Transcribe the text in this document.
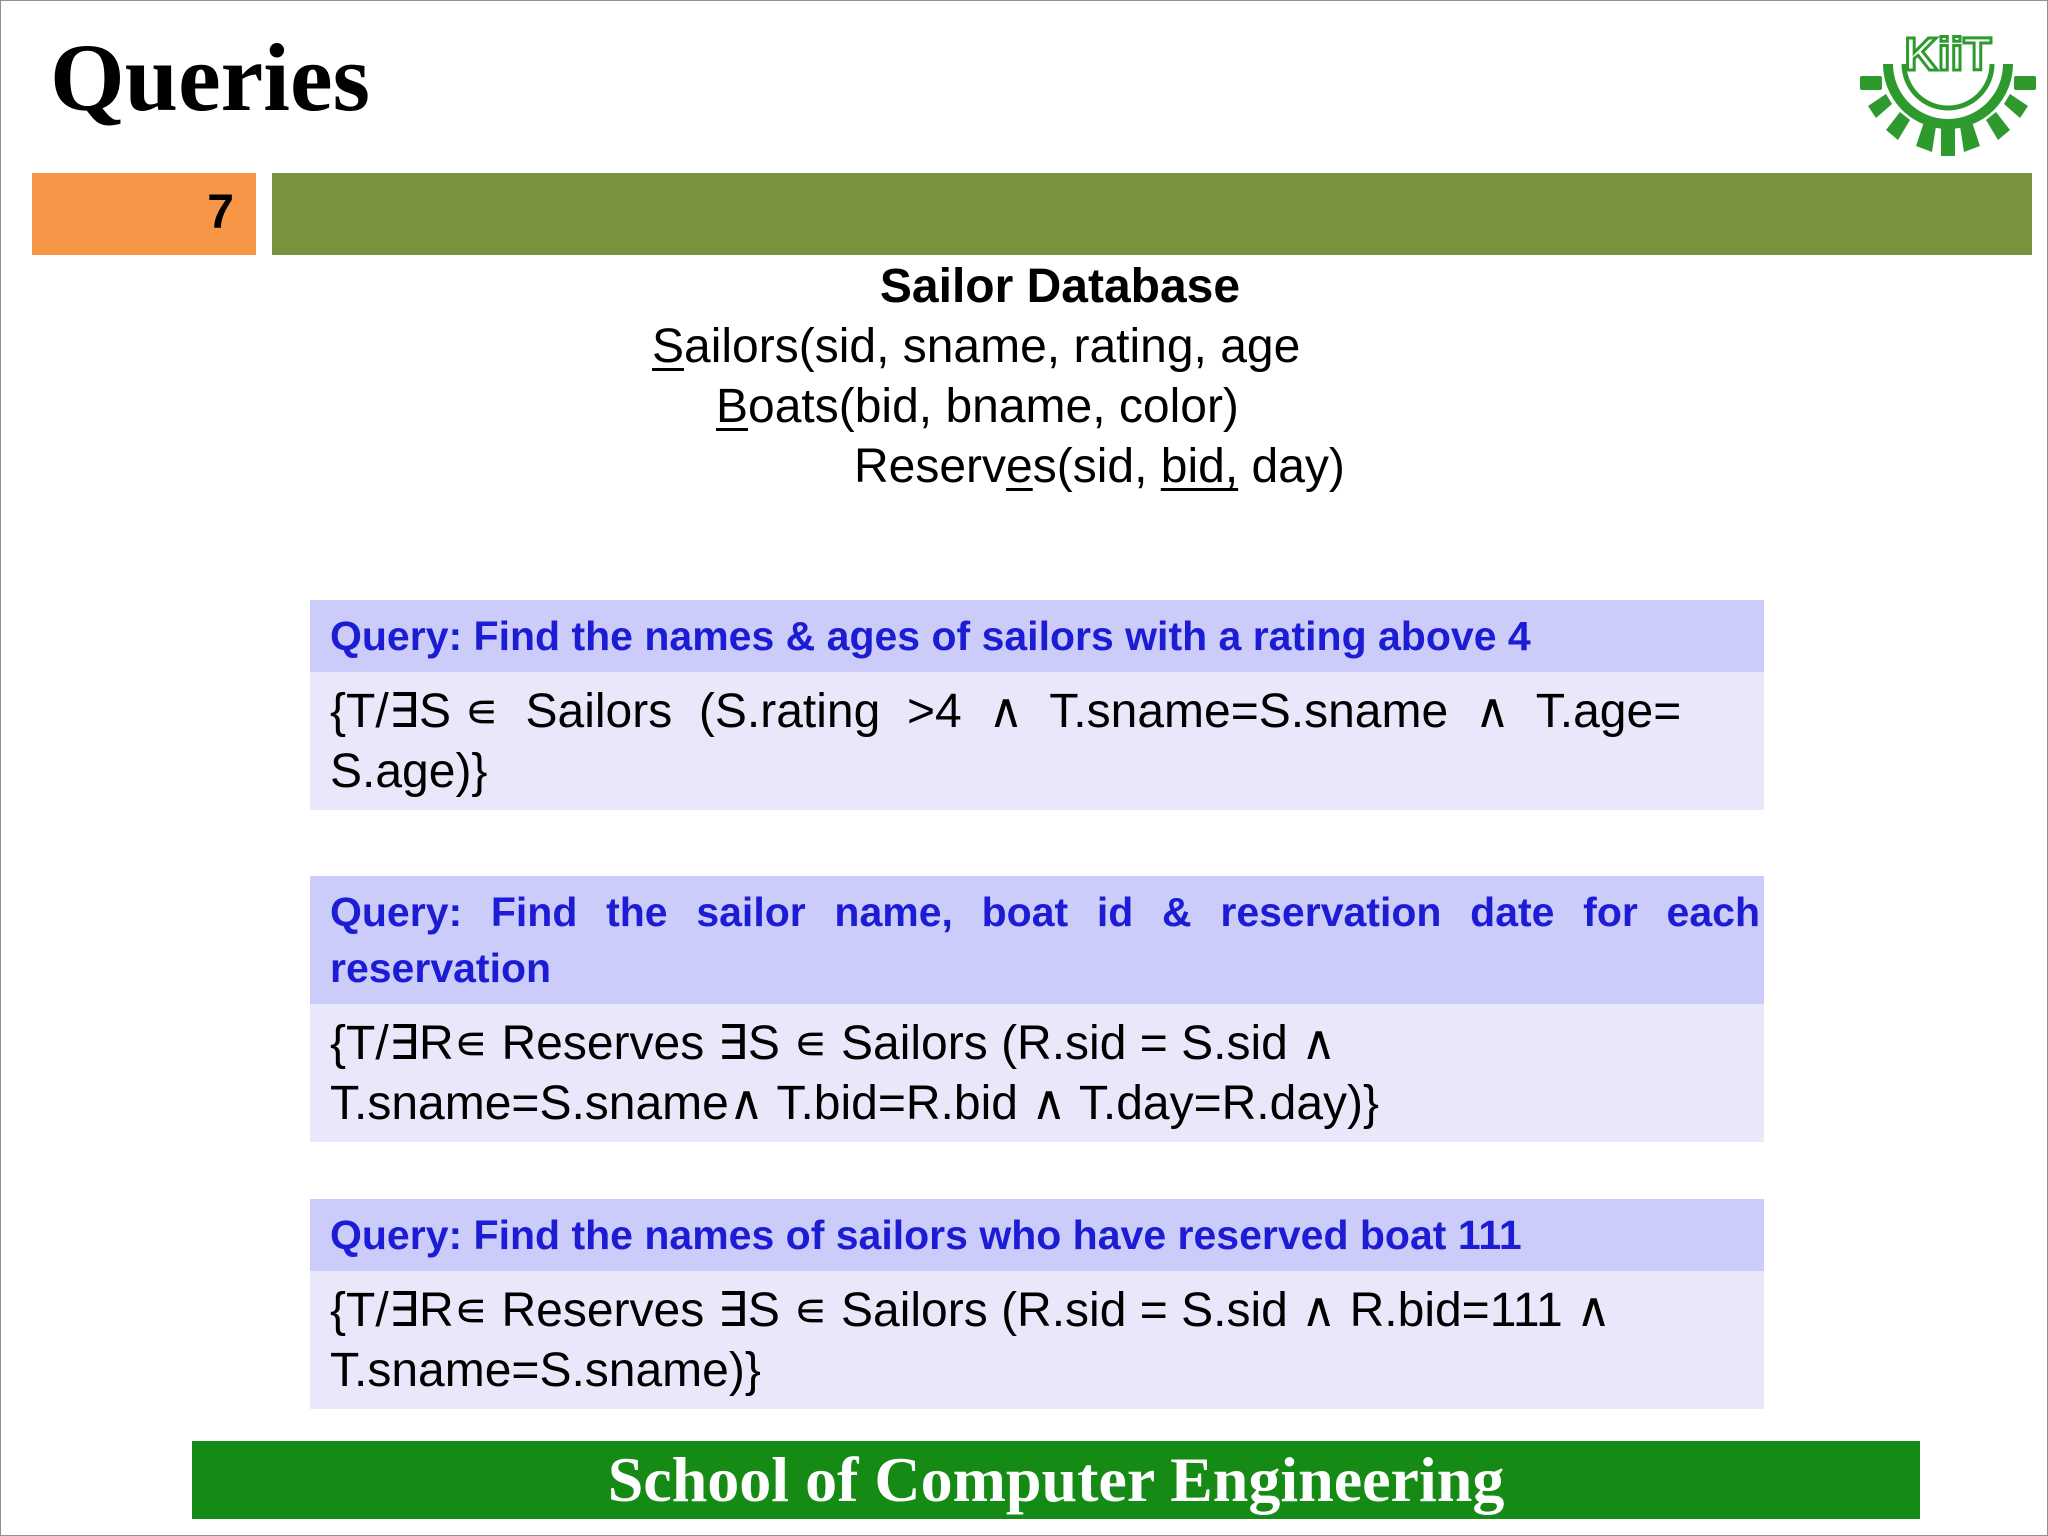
Queries	KiiT
7
Sailor Database
Sailors(sid, sname, rating, age
Boats(bid, bname, color)
Reserves(sid, bid, day)
Query: Find the names & ages of sailors with a rating above 4
{T/∃S ∊  Sailors  (S.rating  >4  ∧  T.sname=S.sname  ∧  T.age=
S.age)}
Query: Find the sailor name, boat id & reservation date for each reservation
{T/∃R∊ Reserves ∃S ∊ Sailors (R.sid = S.sid ∧
T.sname=S.sname∧ T.bid=R.bid ∧ T.day=R.day)}
Query: Find the names of sailors who have reserved boat 111
{T/∃R∊ Reserves ∃S ∊ Sailors (R.sid = S.sid ∧ R.bid=111 ∧
T.sname=S.sname)}
School of Computer Engineering
